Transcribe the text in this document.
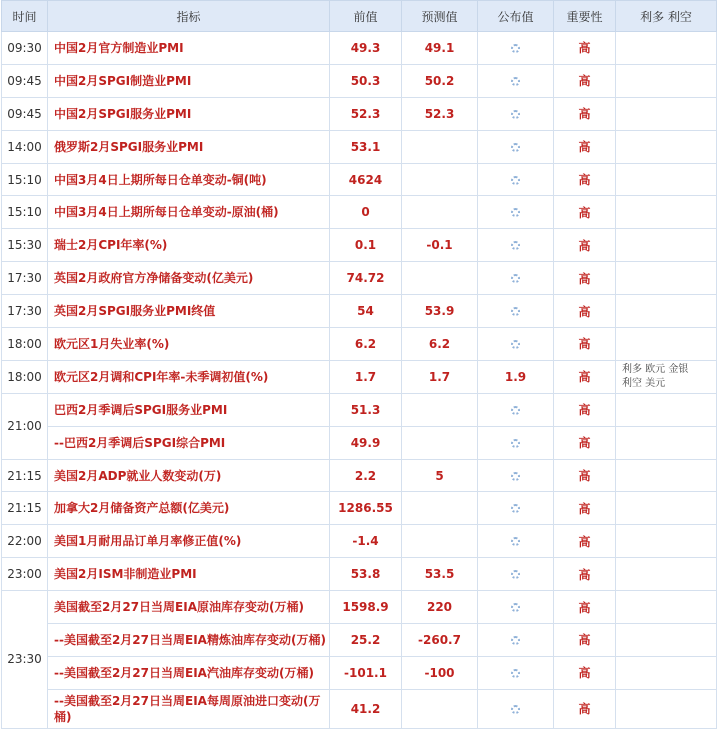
时间	指标	前值	预测值	公布值	重要性	利多 利空
09:30	中国2月官方制造业PMI	49.3	49.1		高	
09:45	中国2月SPGI制造业PMI	50.3	50.2		高	
09:45	中国2月SPGI服务业PMI	52.3	52.3		高	
14:00	俄罗斯2月SPGI服务业PMI	53.1			高	
15:10	中国3月4日上期所每日仓单变动-铜(吨)	4624			高	
15:10	中国3月4日上期所每日仓单变动-原油(桶)	0			高	
15:30	瑞士2月CPI年率(%)	0.1	-0.1		高	
17:30	英国2月政府官方净储备变动(亿美元)	74.72			高	
17:30	英国2月SPGI服务业PMI终值	54	53.9		高	
18:00	欧元区1月失业率(%)	6.2	6.2		高	
18:00	欧元区2月调和CPI年率-未季调初值(%)	1.7	1.7	1.9	高	利多 欧元 金银
利空 美元

21:00	巴西2月季调后SPGI服务业PMI	51.3			高	
	--巴西2月季调后SPGI综合PMI	49.9			高	
21:15	美国2月ADP就业人数变动(万)	2.2	5		高	
21:15	加拿大2月储备资产总额(亿美元)	1286.55			高	
22:00	美国1月耐用品订单月率修正值(%)	-1.4			高	
23:00	美国2月ISM非制造业PMI	53.8	53.5		高	
23:30	美国截至2月27日当周EIA原油库存变动(万桶)	1598.9	220		高	
	--美国截至2月27日当周EIA精炼油库存变动(万桶)	25.2	-260.7		高	
	--美国截至2月27日当周EIA汽油库存变动(万桶)	-101.1	-100		高	
	--美国截至2月27日当周EIA每周原油进口变动(万桶)	41.2			高	
